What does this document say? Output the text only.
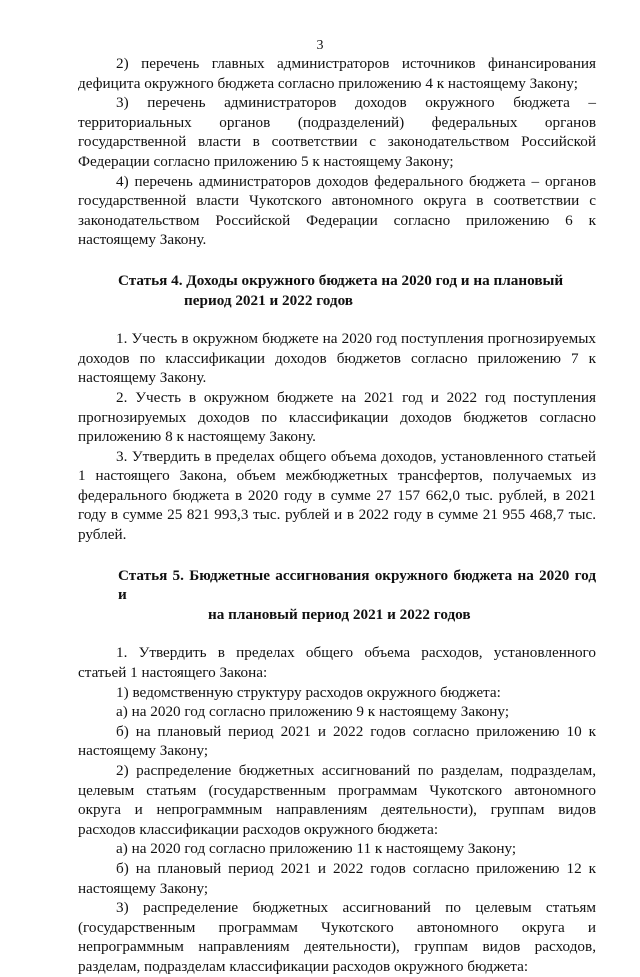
3

2) перечень главных администраторов источников финансирования дефицита окружного бюджета согласно приложению 4 к настоящему Закону;

3) перечень администраторов доходов окружного бюджета – территориальных органов (подразделений) федеральных органов государственной власти в соответствии с законодательством Российской Федерации согласно приложению 5 к настоящему Закону;

4) перечень администраторов доходов федерального бюджета – органов государственной власти Чукотского автономного округа в соответствии с законодательством Российской Федерации согласно приложению 6 к настоящему Закону.

Статья 4. Доходы окружного бюджета на 2020 год и на плановый
период 2021 и 2022 годов

1. Учесть в окружном бюджете на 2020 год поступления прогнозируемых доходов по классификации доходов бюджетов согласно приложению 7 к настоящему Закону.

2. Учесть в окружном бюджете на 2021 год и 2022 год поступления прогнозируемых доходов по классификации доходов бюджетов согласно приложению 8 к настоящему Закону.

3. Утвердить в пределах общего объема доходов, установленного статьей 1 настоящего Закона, объем межбюджетных трансфертов, получаемых из федерального бюджета в 2020 году в сумме 27 157 662,0 тыс. рублей, в 2021 году в сумме 25 821 993,3 тыс. рублей и в 2022 году в сумме 21 955 468,7 тыс. рублей.

Статья 5. Бюджетные ассигнования окружного бюджета на 2020 год и
на плановый период 2021 и 2022 годов

1. Утвердить в пределах общего объема расходов, установленного статьей 1 настоящего Закона:

1) ведомственную структуру расходов окружного бюджета:

а) на 2020 год согласно приложению 9 к настоящему Закону;

б) на плановый период 2021 и 2022 годов согласно приложению 10 к настоящему Закону;

2) распределение бюджетных ассигнований по разделам, подразделам, целевым статьям (государственным программам Чукотского автономного округа и непрограммным направлениям деятельности), группам видов расходов классификации расходов окружного бюджета:

а) на 2020 год согласно приложению 11 к настоящему Закону;

б) на плановый период 2021 и 2022 годов согласно приложению 12 к настоящему Закону;

3) распределение бюджетных ассигнований по целевым статьям (государственным программам Чукотского автономного округа и непрограммным направлениям деятельности), группам видов расходов, разделам, подразделам классификации расходов окружного бюджета:
